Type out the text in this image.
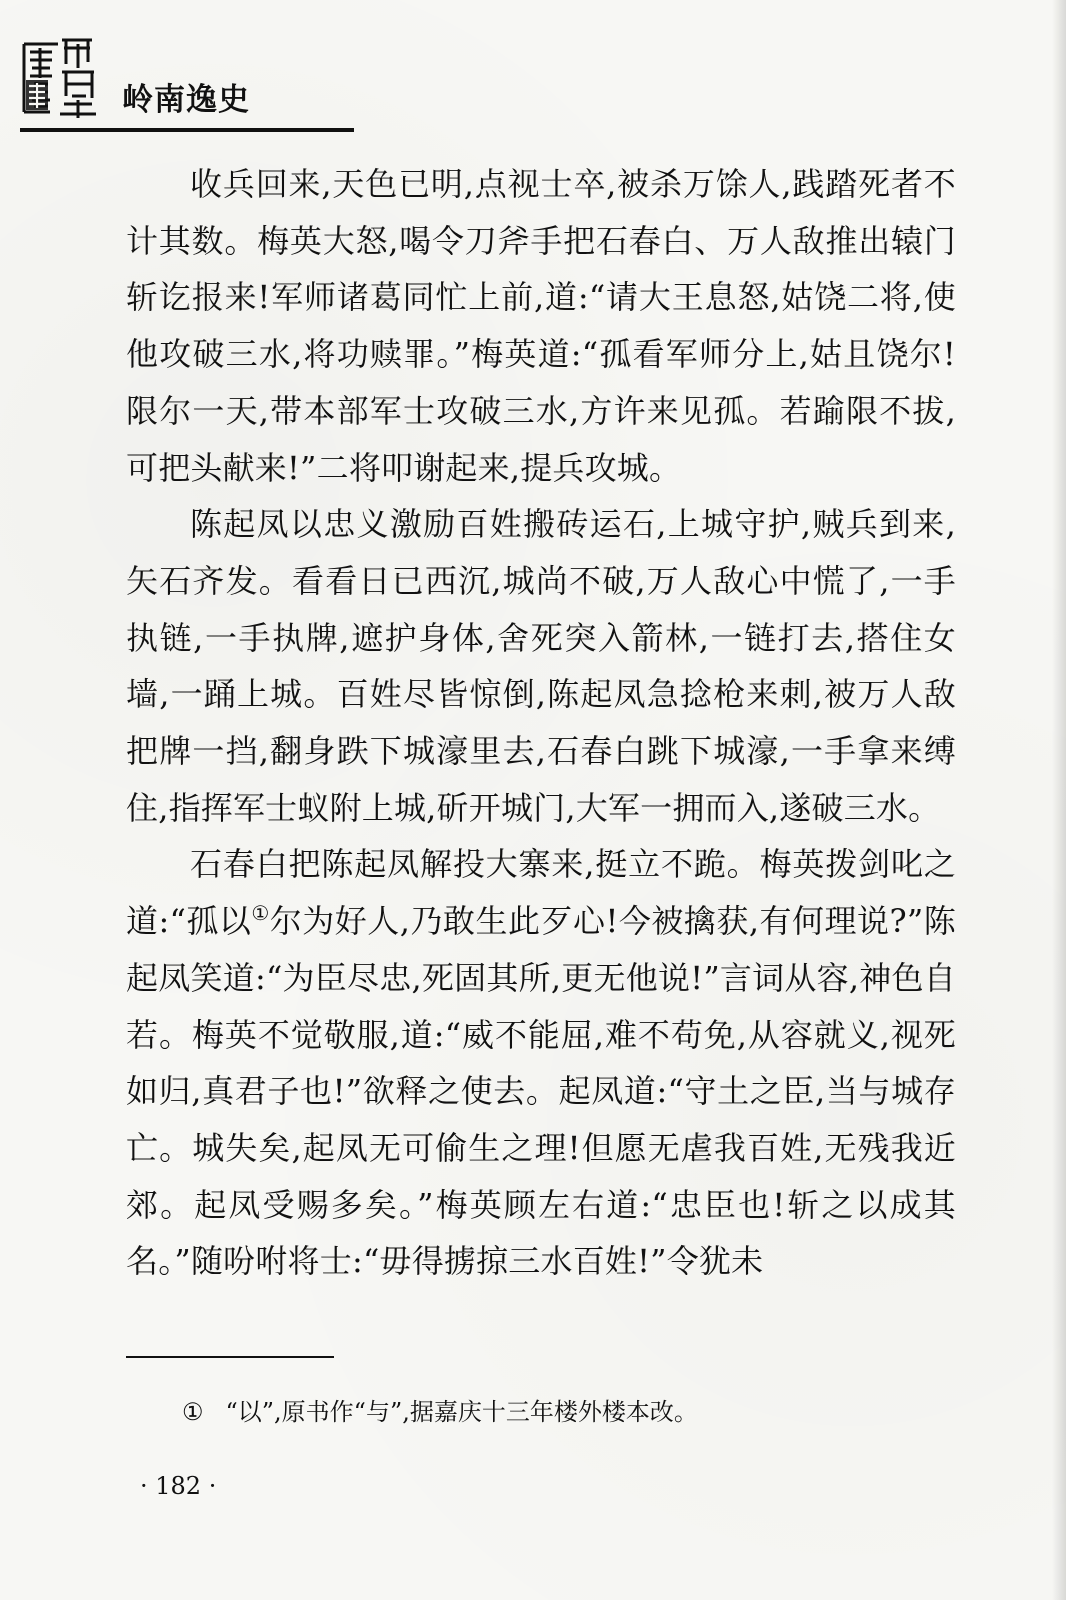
岭南逸史

收兵回来,天色已明,点视士卒,被杀万馀人,践踏死者不计其数。梅英大怒,喝令刀斧手把石春白、万人敌推出辕门斩讫报来!军师诸葛同忙上前,道:“请大王息怒,姑饶二将,使他攻破三水,将功赎罪。”梅英道:“孤看军师分上,姑且饶尔!限尔一天,带本部军士攻破三水,方许来见孤。若踰限不拔,可把头献来!”二将叩谢起来,提兵攻城。

陈起凤以忠义激励百姓搬砖运石,上城守护,贼兵到来,矢石齐发。看看日已西沉,城尚不破,万人敌心中慌了,一手执链,一手执牌,遮护身体,舍死突入箭林,一链打去,搭住女墙,一踊上城。百姓尽皆惊倒,陈起凤急捻枪来刺,被万人敌把牌一挡,翻身跌下城濠里去,石春白跳下城濠,一手拿来缚住,指挥军士蚁附上城,斫开城门,大军一拥而入,遂破三水。

石春白把陈起凤解投大寨来,挺立不跪。梅英拨剑叱之道:“孤以①尔为好人,乃敢生此歹心!今被擒获,有何理说?”陈起凤笑道:“为臣尽忠,死固其所,更无他说!”言词从容,神色自若。梅英不觉敬服,道:“威不能屈,难不苟免,从容就义,视死如归,真君子也!”欲释之使去。起凤道:“守土之臣,当与城存亡。城失矣,起凤无可偷生之理!但愿无虐我百姓,无残我近郊。起凤受赐多矣。”梅英顾左右道:“忠臣也!斩之以成其名。”随吩咐将士:“毋得掳掠三水百姓!”令犹未

① “以”,原书作“与”,据嘉庆十三年楼外楼本改。
· 182 ·
